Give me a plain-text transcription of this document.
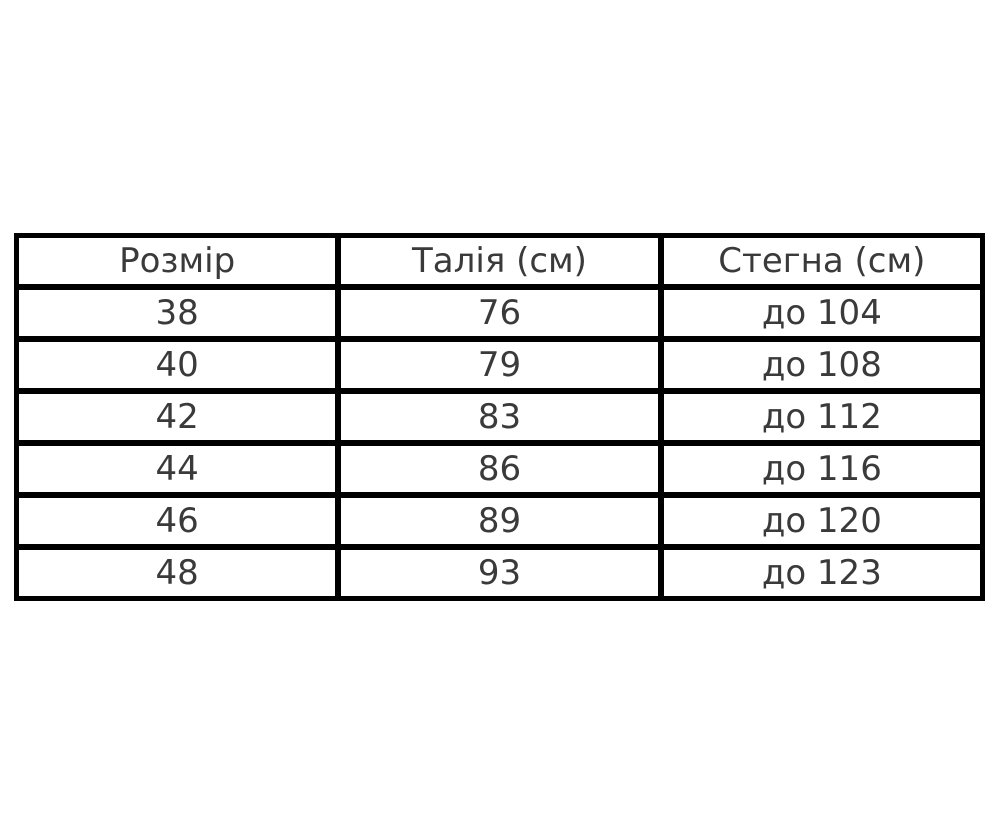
Розмір	Талія (см)	Стегна (см)
38	76	до 104
40	79	до 108
42	83	до 112
44	86	до 116
46	89	до 120
48	93	до 123
